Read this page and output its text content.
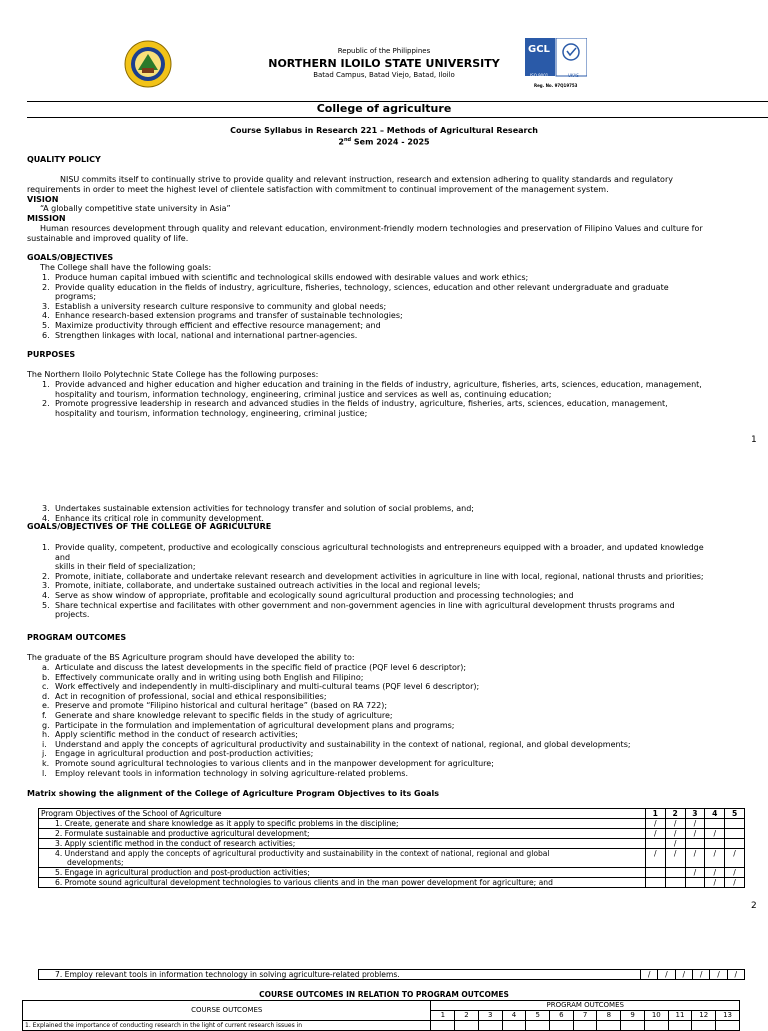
Republic of the Philippines
NORTHERN ILOILO STATE UNIVERSITY
Batad Campus, Batad Viejo, Batad, Iloilo
GCL
ISO 9001	UKAS
Reg. No. 97Q19753
College of agriculture
Course Syllabus in Research 221 – Methods of Agricultural Research
2nd Sem 2024 - 2025
QUALITY POLICY
NISU commits itself to continually strive to provide quality and relevant instruction, research and extension adhering to quality standards and regulatory
requirements in order to meet the highest level of clientele satisfaction with commitment to continual improvement of the management system.
VISION
“A globally competitive state university in Asia”
MISSION
Human resources development through quality and relevant education, environment-friendly modern technologies and preservation of Filipino Values and culture for
sustainable and improved quality of life.
GOALS/OBJECTIVES
The College shall have the following goals:
1. Produce human capital imbued with scientific and technological skills endowed with desirable values and work ethics;
2. Provide quality education in the fields of industry, agriculture, fisheries, technology, sciences, education and other relevant undergraduate and graduate
programs;
3. Establish a university research culture responsive to community and global needs;
4. Enhance research-based extension programs and transfer of sustainable technologies;
5. Maximize productivity through efficient and effective resource management; and
6. Strengthen linkages with local, national and international partner-agencies.
PURPOSES
The Northern Iloilo Polytechnic State College has the following purposes:
1. Provide advanced and higher education and higher education and training in the fields of industry, agriculture, fisheries, arts, sciences, education, management,
hospitality and tourism, information technology, engineering, criminal justice and services as well as, continuing education;
2. Promote progressive leadership in research and advanced studies in the fields of industry, agriculture, fisheries, arts, sciences, education, management,
hospitality and tourism, information technology, engineering, criminal justice;
1
3. Undertakes sustainable extension activities for technology transfer and solution of social problems, and;
4. Enhance its critical role in community development.
GOALS/OBJECTIVES OF THE COLLEGE OF AGRICULTURE
1. Provide quality, competent, productive and ecologically conscious agricultural technologists and entrepreneurs equipped with a broader, and updated knowledge
and
skills in their field of specialization;
2. Promote, initiate, collaborate and undertake relevant research and development activities in agriculture in line with local, regional, national thrusts and priorities;
3. Promote, initiate, collaborate, and undertake sustained outreach activities in the local and regional levels;
4. Serve as show window of appropriate, profitable and ecologically sound agricultural production and processing technologies; and
5. Share technical expertise and facilitates with other government and non-government agencies in line with agricultural development thrusts programs and
projects.
PROGRAM OUTCOMES
The graduate of the BS Agriculture program should have developed the ability to:
a. Articulate and discuss the latest developments in the specific field of practice (PQF level 6 descriptor);
b. Effectively communicate orally and in writing using both English and Filipino;
c. Work effectively and independently in multi-disciplinary and multi-cultural teams (PQF level 6 descriptor);
d. Act in recognition of professional, social and ethical responsibilities;
e. Preserve and promote “Filipino historical and cultural heritage” (based on RA 722);
f. Generate and share knowledge relevant to specific fields in the study of agriculture;
g. Participate in the formulation and implementation of agricultural development plans and programs;
h. Apply scientific method in the conduct of research activities;
i. Understand and apply the concepts of agricultural productivity and sustainability in the context of national, regional, and global developments;
j. Engage in agricultural production and post-production activities;
k. Promote sound agricultural technologies to various clients and in the manpower development for agriculture;
l. Employ relevant tools in information technology in solving agriculture-related problems.
Matrix showing the alignment of the College of Agriculture Program Objectives to its Goals
Program Objectives of the School of Agriculture	1	2	3	4	5
1. Create, generate and share knowledge as it apply to specific problems in the discipline;	/	/	/		
2. Formulate sustainable and productive agricultural development;	/	/	/	/	
3. Apply scientific method in the conduct of research activities;		/			

4. Understand and apply the concepts of agricultural productivity and sustainability in the context of national, regional and global
developments;	/	/	/	/	/
5. Engage in agricultural production and post-production activities;			/	/	/
6. Promote sound agricultural development technologies to various clients and in the man power development for agriculture; and				/	/
2
7. Employ relevant tools in information technology in solving agriculture-related problems.	/	/	/	/	/	/
COURSE OUTCOMES IN RELATION TO PROGRAM OUTCOMES
COURSE OUTCOMES	PROGRAM OUTCOMES												
	1	2	3	4	5	6	7	8	9	10	11	12	13
1. Explained the importance of conducting research in the light of current research issues in													
